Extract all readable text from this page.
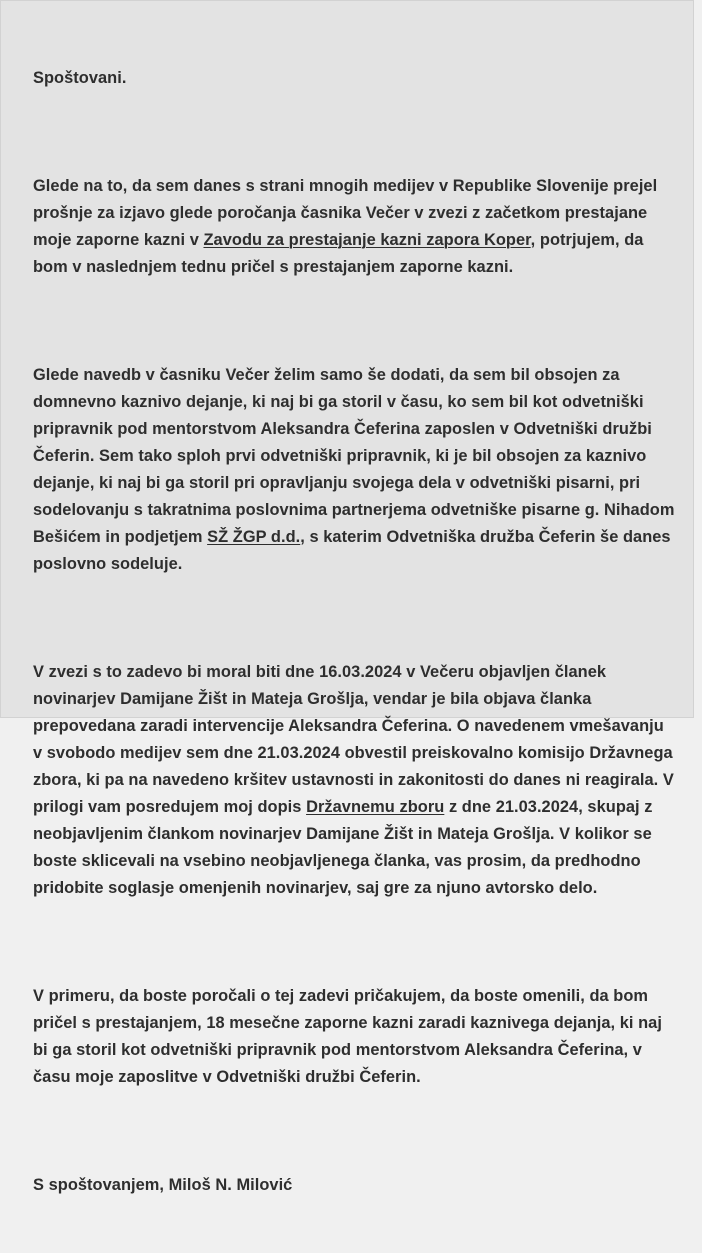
Spoštovani.

Glede na to, da sem danes s strani mnogih medijev v Republike Slovenije prejel prošnje za izjavo glede poročanja časnika Večer v zvezi z začetkom prestajane moje zaporne kazni v Zavodu za prestajanje kazni zapora Koper, potrjujem, da bom v naslednjem tednu pričel s prestajanjem zaporne kazni.

Glede navedb v časniku Večer želim samo še dodati, da sem bil obsojen za domnevno kaznivo dejanje, ki naj bi ga storil v času, ko sem bil kot odvetniški pripravnik pod mentorstvom Aleksandra Čeferina zaposlen v Odvetniški družbi Čeferin. Sem tako sploh prvi odvetniški pripravnik, ki je bil obsojen za kaznivo dejanje, ki naj bi ga storil pri opravljanju svojega dela v odvetniški pisarni, pri sodelovanju s takratnima poslovnima partnerjema odvetniške pisarne g. Nihadom Bešićem in podjetjem SŽ ŽGP d.d., s katerim Odvetniška družba Čeferin še danes poslovno sodeluje.

V zvezi s to zadevo bi moral biti dne 16.03.2024 v Večeru objavljen članek novinarjev Damijane Žišt in Mateja Grošlja, vendar je bila objava članka prepovedana zaradi intervencije Aleksandra Čeferina. O navedenem vmešavanju v svobodo medijev sem dne 21.03.2024 obvestil preiskovalno komisijo Državnega zbora, ki pa na navedeno kršitev ustavnosti in zakonitosti do danes ni reagirala. V prilogi vam posredujem moj dopis Državnemu zboru z dne 21.03.2024, skupaj z neobjavljenim člankom novinarjev Damijane Žišt in Mateja Grošlja. V kolikor se boste sklicevali na vsebino neobjavljenega članka, vas prosim, da predhodno pridobite soglasje omenjenih novinarjev, saj gre za njuno avtorsko delo.

V primeru, da boste poročali o tej zadevi pričakujem, da boste omenili, da bom pričel s prestajanjem, 18 mesečne zaporne kazni zaradi kaznivega dejanja, ki naj bi ga storil kot odvetniški pripravnik pod mentorstvom Aleksandra Čeferina, v času moje zaposlitve v Odvetniški družbi Čeferin.

S spoštovanjem, Miloš N. Milović
